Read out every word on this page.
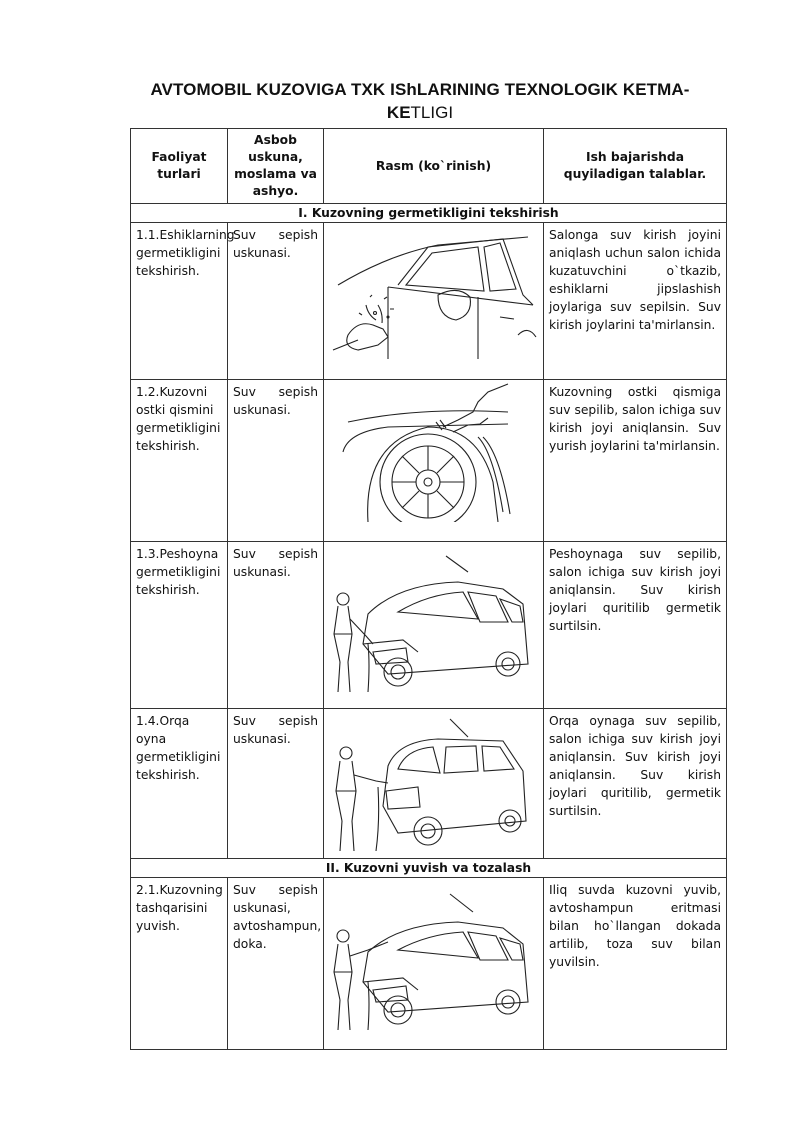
AVTOMOBIL KUZOVIGA TXK IShLARINING TEXNOLOGIK KETMA-
KETLIGI
Faoliyat turlari	Asbob uskuna, moslama va ashyo.	Rasm (ko`rinish)	Ish bajarishda quyiladigan talablar.
I. Kuzovning germetikligini tekshirish			
1.1.Eshiklarning germetikligini tekshirish.	Suv sepish uskunasi.		Salonga suv kirish joyini aniqlash uchun salon ichida kuzatuvchini o`tkazib, eshiklarni jipslashish joylariga suv sepilsin. Suv kirish joylarini ta'mirlansin.
1.2.Kuzovni ostki qismini germetikligini tekshirish.	Suv sepish uskunasi.		Kuzovning ostki qismiga suv sepilib, salon ichiga suv kirish joyi aniqlansin. Suv yurish joylarini ta'mirlansin.
1.3.Peshoyna germetikligini tekshirish.	Suv sepish uskunasi.		Peshoynaga suv sepilib, salon ichiga suv kirish joyi aniqlansin. Suv kirish joylari quritilib germetik surtilsin.
1.4.Orqa oyna germetikligini tekshirish.	Suv sepish uskunasi.		Orqa oynaga suv sepilib, salon ichiga suv kirish joyi aniqlansin. Suv kirish joyi aniqlansin. Suv kirish joylari quritilib, germetik surtilsin.
II. Kuzovni yuvish va tozalash			
2.1.Kuzovning tashqarisini yuvish.	Suv sepish uskunasi, avtoshampun, doka.		Iliq suvda kuzovni yuvib, avtoshampun eritmasi bilan ho`llangan dokada artilib, toza suv bilan yuvilsin.
